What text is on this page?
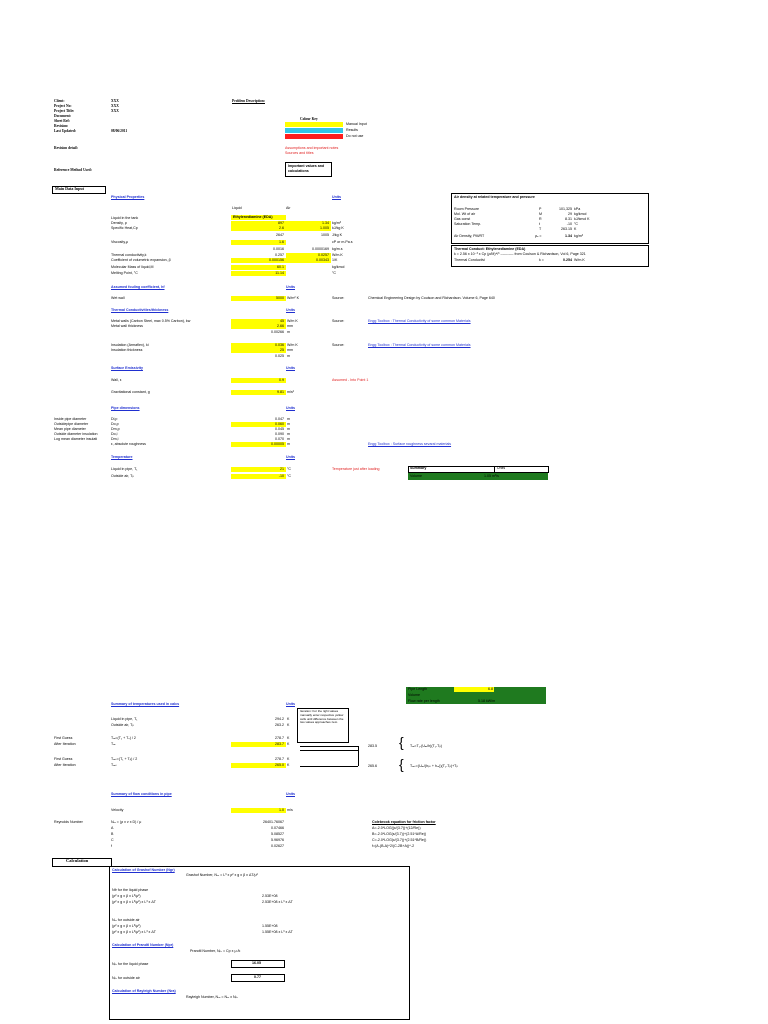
Client:	XXX
Project No:	XXX
Project Title:	XXX
Document:
Sheet Ref:
Revision:
Last Updated:	08/06/2011
Revision detail:
Reference Method Used:
Problem Description:
Colour Key
Manual Input
Results
Do not use
Assumptions and important notes
Sources and titles
Important values and calculations
Main Data Input
Physical Properties	Units
Liquid	Air
Liquid in the tank	Ethylenediamine (EDA)
Density, ρ	897	1.34 kg/m³
Specific Heat,Cp	2.6	1.005 kJ/kg K
2647	1005 J/kg K
Viscosity,μ	1.6	cP or m.Pa.s
0.0016	0.0000169 kg/m.s
Thermal conductivity,k	0.257	0.0257 W/m.K
Coefficient of volumetric expansion, β	0.000156	0.00343 1/K
Molecular Mass of liquid,M	60.1	kg/kmol
Melting Point, °C	11.14	°C
Air density at related temperature and pressure
Room Pressure	P	101,325 kPa
Mol. Wt of air	M	29 kg/kmol
Gas const	R	8.31 kJ/kmol K
Saturation Temp.	t	-10 °C
T	263.15 K
Air Density, PM/RT	ρₐ =	1.34 kg/m³
Thermal Conduct: Ethylenediamine (EDA)
k = 2.56 x 10⁻³ x Cp (ρ/M)⁴/³ ----------- from Coulson & Richardson, Vol 6, Page 321
Thermal Conductivi	k =	0.254 W/m.K
Assumed fouling coefficient, hf	Units
Wet wall	5000 W/m² K	Source:	Chemical Engineering Design by Coulson and Richardson. Volume 6, Page 640
Thermal Conductivities/thickness	Units
Metal walls (Carbon Steel, max 0.5% Carbon), kw	45 W/m K	Source:	Engg Toolbox : Thermal Conductivity of some common Materials
Metal wall thickness	2.66 mm
0.00266 m
Insulation (Armaflex), ki	0.036 W/m K	Source:	Engg Toolbox : Thermal Conductivity of some common Materials
Insulation thickness	25 mm
0.025 m
Surface Emissivity	Units
Wall, ε	0.9	Assumed - Into Point 1
Gravitational constant, g	9.81 m/s²
Pipe dimensions	Units
Inside pipe diameter	Di,p	0.047 m
Outsidepipe diameter	Do,p	0.060 m
Mean pipe diameter	Dm,p	0.045 m
Outside diameter insulation	Do,i	0.090 m
Log mean diameter insulati	Dm,i	0.070 m
ε, absolute roughness	0.00005 m	Engg Toolbox : Surface roughness sevaral materials
Temperature	Units
Liquid in pipe, T₁	21 °C
Outside air, Tᵦ	-10 °C
Temperature just after loading	Summary	Units
Volume	1.05 m³/s
Pipe Length	6.8
Volume
Flow rate per length	5.18 kW/m
Summary of temperatures used in calcs	Units
Liquid in pipe, T₁	294.2 K
Outside air, Tᵦ	263.2 K
Iteration: For the right values manually enter respective yellow cells until difference between the two values approaches zero
First Guess	Tₘ=(T₁ + Tₒ) / 2	278.7 K
After Iteration	Tₘ	283.7 K
First Guess	Tₘₛ=(T₁ + Tᵦ) / 2	278.7 K
After Iteration	Tₘₛ	265.0 K
{
{
283.5	Tₘ=T₁-(Uₘ/h)(T₁-Tᵦ)
265.6	Tₘₛ=(Uₘ/(hᵦₛ + hᵣₐ))(T₁-Tᵦ)+Tᵦ
Summary of flow conditions in pipe	Units
Velocity	1.0 m/s
Reynolds Number	Nᵣₑ = (ρ x v x D) / μ	26401.76067
A	0.07466
B	5.08527
C	5.96976
f	0.02627
Colebrook equation for friction factor
A=-2.0*LOG((ε/(3.7))+(12/Re))
B=-2.0*LOG(ε/(3.7))+(2.51*A/Re))
C=-2.0*LOG(ε/(3.7))+(2.51*B/Re))
f=(A-(B-A)^2/(C-2B+A))^-2
Calculation
Calculation of Grashof Number (Ngr)
Grashof Number, Nₒᵣ = L³ x ρ² x g x β x ΔT/μ²
Nfr for the liquid phase
(ρ² x g x β x L³/μ²)	2.53E+08
(ρ² x g x β x L³/μ²) x L³ x ΔT	2.53E+08 x L³ x ΔT
Nₒᵣ for outside air
(ρ² x g x β x L³/μ²)	1.55E+08
(ρ² x g x β x L³/μ²) x L³ x ΔT	1.55E+08 x L³ x ΔT
Calculation of Prandtl Number (Npr)
Prandtl Number, Nₚᵣ = Cp x μ /k
Nₚᵣ for the liquid phase	16.05
Nₚᵣ for outside air	0.77
Calculation of Rayleigh Number (Nra)
Rayleigh Number, Nᵣₐ = Nₒᵣ x Nₚᵣ
